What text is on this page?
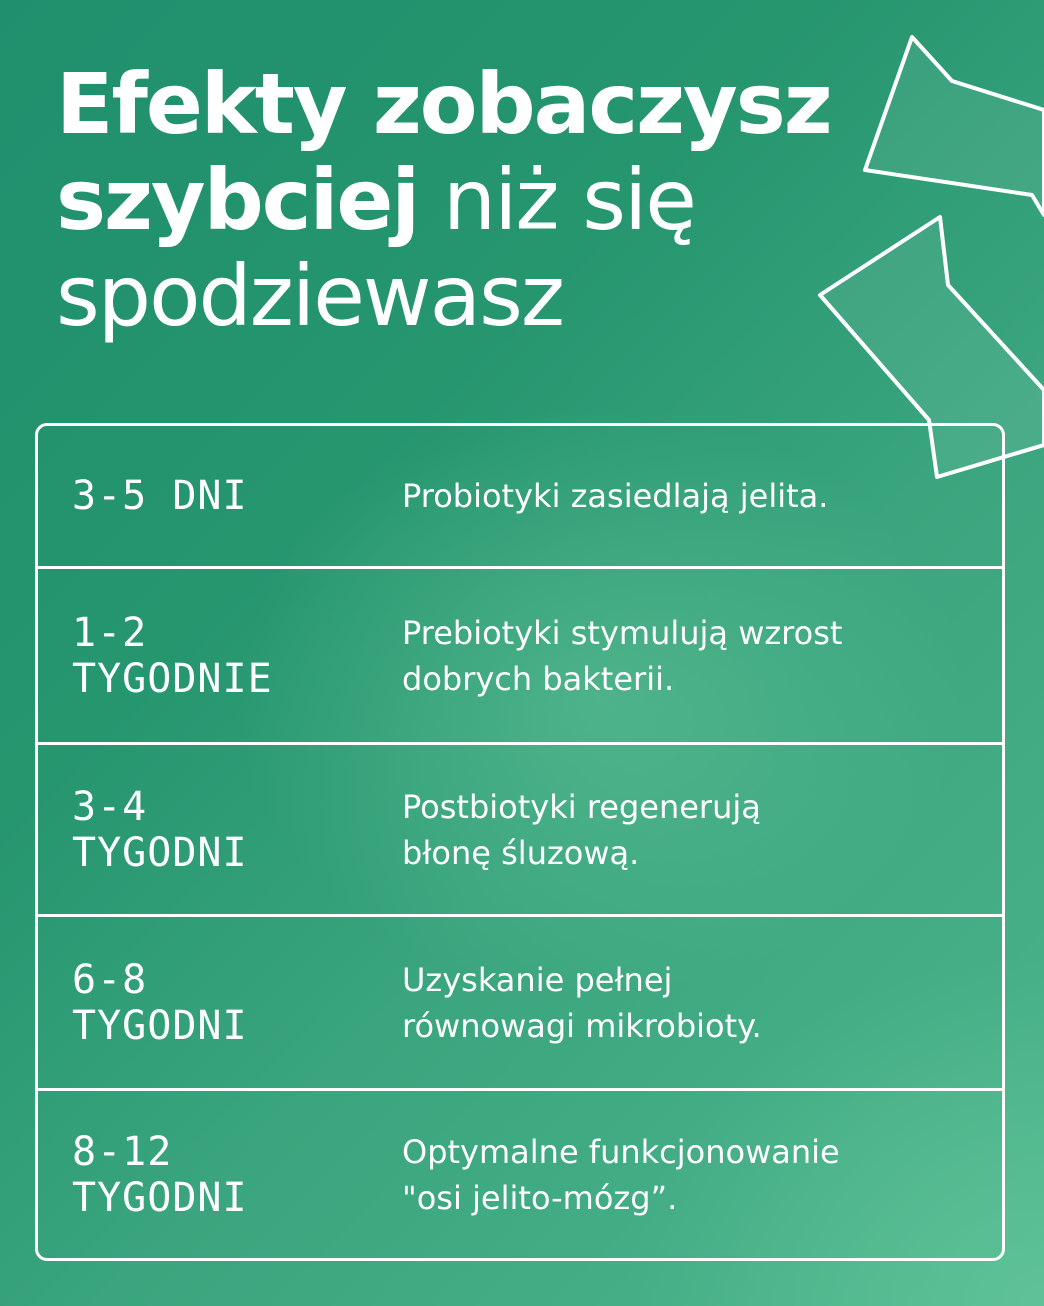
Efekty zobaczysz
szybciej niż się
spodziewasz
3-5 DNI	Probiotyki zasiedlają jelita.
1-2
TYGODNIE
Prebiotyki stymulują wzrost
dobrych bakterii.
3-4
TYGODNI
Postbiotyki regenerują
błonę śluzową.
6-8
TYGODNI
Uzyskanie pełnej
równowagi mikrobioty.
8-12
TYGODNI
Optymalne funkcjonowanie
"osi jelito-mózg”.
